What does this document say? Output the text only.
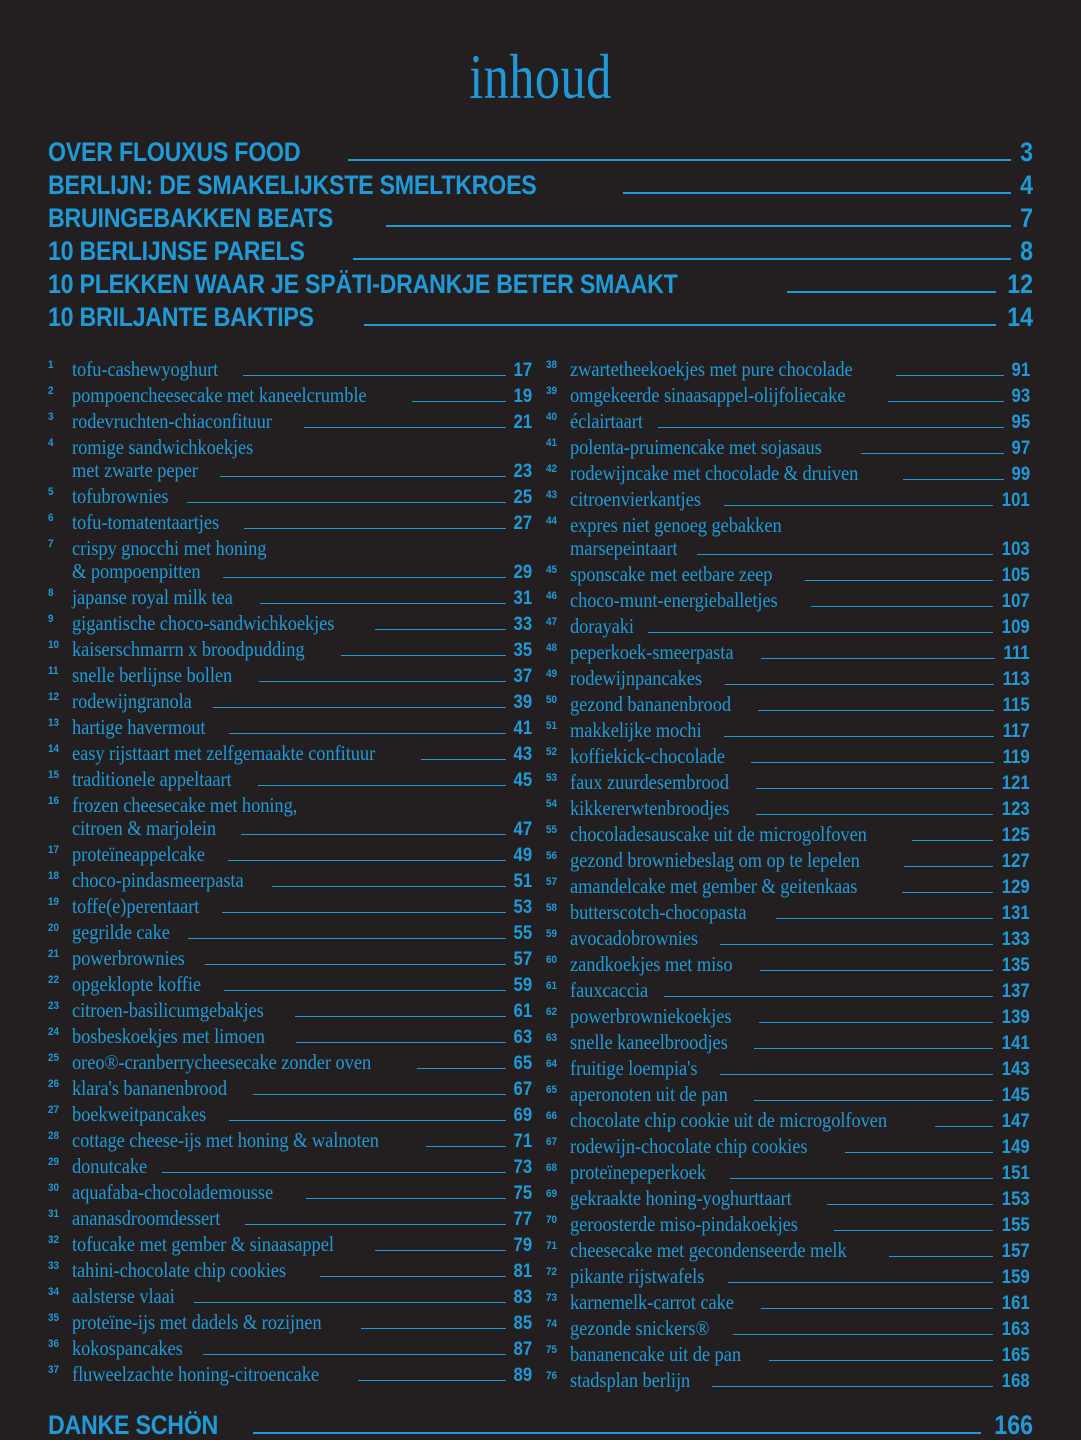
inhoud
OVER FLOUXUS FOOD	3
BERLIJN: DE SMAKELIJKSTE SMELTKROES	4
BRUINGEBAKKEN BEATS	7
10 BERLIJNSE PARELS	8
10 PLEKKEN WAAR JE SPÄTI-DRANKJE BETER SMAAKT	12
10 BRILJANTE BAKTIPS	14
1 tofu-cashewyoghurt	17
2 pompoencheesecake met kaneelcrumble	19
3 rodevruchten-chiaconfituur	21
4 romige sandwichkoekjes
met zwarte peper	23
5 tofubrownies	25
6 tofu-tomatentaartjes	27
7 crispy gnocchi met honing
& pompoenpitten	29
8 japanse royal milk tea	31
9 gigantische choco-sandwichkoekjes	33
10 kaiserschmarrn x broodpudding	35
11 snelle berlijnse bollen	37
12 rodewijngranola	39
13 hartige havermout	41
14 easy rijsttaart met zelfgemaakte confituur	43
15 traditionele appeltaart	45
16 frozen cheesecake met honing,
citroen & marjolein	47
17 proteïneappelcake	49
18 choco-pindasmeerpasta	51
19 toffe(e)perentaart	53
20 gegrilde cake	55
21 powerbrownies	57
22 opgeklopte koffie	59
23 citroen-basilicumgebakjes	61
24 bosbeskoekjes met limoen	63
25 oreo®-cranberrycheesecake zonder oven	65
26 klara's bananenbrood	67
27 boekweitpancakes	69
28 cottage cheese-ijs met honing & walnoten	71
29 donutcake	73
30 aquafaba-chocolademousse	75
31 ananasdroomdessert	77
32 tofucake met gember & sinaasappel	79
33 tahini-chocolate chip cookies	81
34 aalsterse vlaai	83
35 proteïne-ijs met dadels & rozijnen	85
36 kokospancakes	87
37 fluweelzachte honing-citroencake	89
38 zwartetheekoekjes met pure chocolade	91
39 omgekeerde sinaasappel-olijfoliecake	93
40 éclairtaart	95
41 polenta-pruimencake met sojasaus	97
42 rodewijncake met chocolade & druiven	99
43 citroenvierkantjes	101
44 expres niet genoeg gebakken
marsepeintaart	103
45 sponscake met eetbare zeep	105
46 choco-munt-energieballetjes	107
47 dorayaki	109
48 peperkoek-smeerpasta	111
49 rodewijnpancakes	113
50 gezond bananenbrood	115
51 makkelijke mochi	117
52 koffiekick-chocolade	119
53 faux zuurdesembrood	121
54 kikkererwtenbroodjes	123
55 chocoladesauscake uit de microgolfoven	125
56 gezond browniebeslag om op te lepelen	127
57 amandelcake met gember & geitenkaas	129
58 butterscotch-chocopasta	131
59 avocadobrownies	133
60 zandkoekjes met miso	135
61 fauxcaccia	137
62 powerbrowniekoekjes	139
63 snelle kaneelbroodjes	141
64 fruitige loempia's	143
65 aperonoten uit de pan	145
66 chocolate chip cookie uit de microgolfoven	147
67 rodewijn-chocolate chip cookies	149
68 proteïnepeperkoek	151
69 gekraakte honing-yoghurttaart	153
70 geroosterde miso-pindakoekjes	155
71 cheesecake met gecondenseerde melk	157
72 pikante rijstwafels	159
73 karnemelk-carrot cake	161
74 gezonde snickers®	163
75 bananencake uit de pan	165
76 stadsplan berlijn	168
DANKE SCHÖN	166
